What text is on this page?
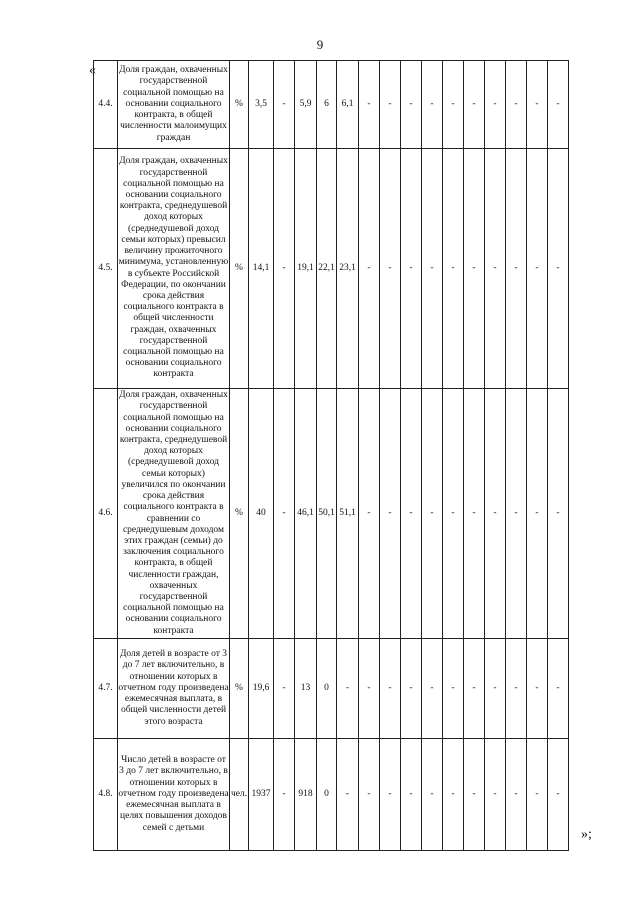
9
«
»;
4.4.	Доля граждан, охваченных государственной социальной помощью на основании социального контракта, в общей численности малоимущих граждан	%	3,5	-	5,9	6	6,1	-	-	-	-	-	-	-	-	-	-
4.5.	Доля граждан, охваченных государственной социальной помощью на основании социального контракта, среднедушевой доход которых (среднедушевой доход семьи которых) превысил величину прожиточного минимума, установленную в субъекте Российской Федерации, по окончании срока действия социального контракта в общей численности граждан, охваченных государственной социальной помощью на основании социального контракта	%	14,1	-	19,1	22,1	23,1	-	-	-	-	-	-	-	-	-	-
4.6.	Доля граждан, охваченных государственной социальной помощью на основании социального контракта, среднедушевой доход которых (среднедушевой доход семьи которых) увеличился по окончании срока действия социального контракта в сравнении со среднедушевым доходом этих граждан (семьи) до заключения социального контракта, в общей численности граждан, охваченных государственной социальной помощью на основании социального контракта	%	40	-	46,1	50,1	51,1	-	-	-	-	-	-	-	-	-	-
4.7.	Доля детей в возрасте от 3 до 7 лет включительно, в отношении которых в отчетном году произведена ежемесячная выплата, в общей численности детей этого возраста	%	19,6	-	13	0	-	-	-	-	-	-	-	-	-	-	-
4.8.	Число детей в возрасте от 3 до 7 лет включительно, в отношении которых в отчетном году произведена ежемесячная выплата в целях повышения доходов семей с детьми	чел.	1937	-	918	0	-	-	-	-	-	-	-	-	-	-	-
